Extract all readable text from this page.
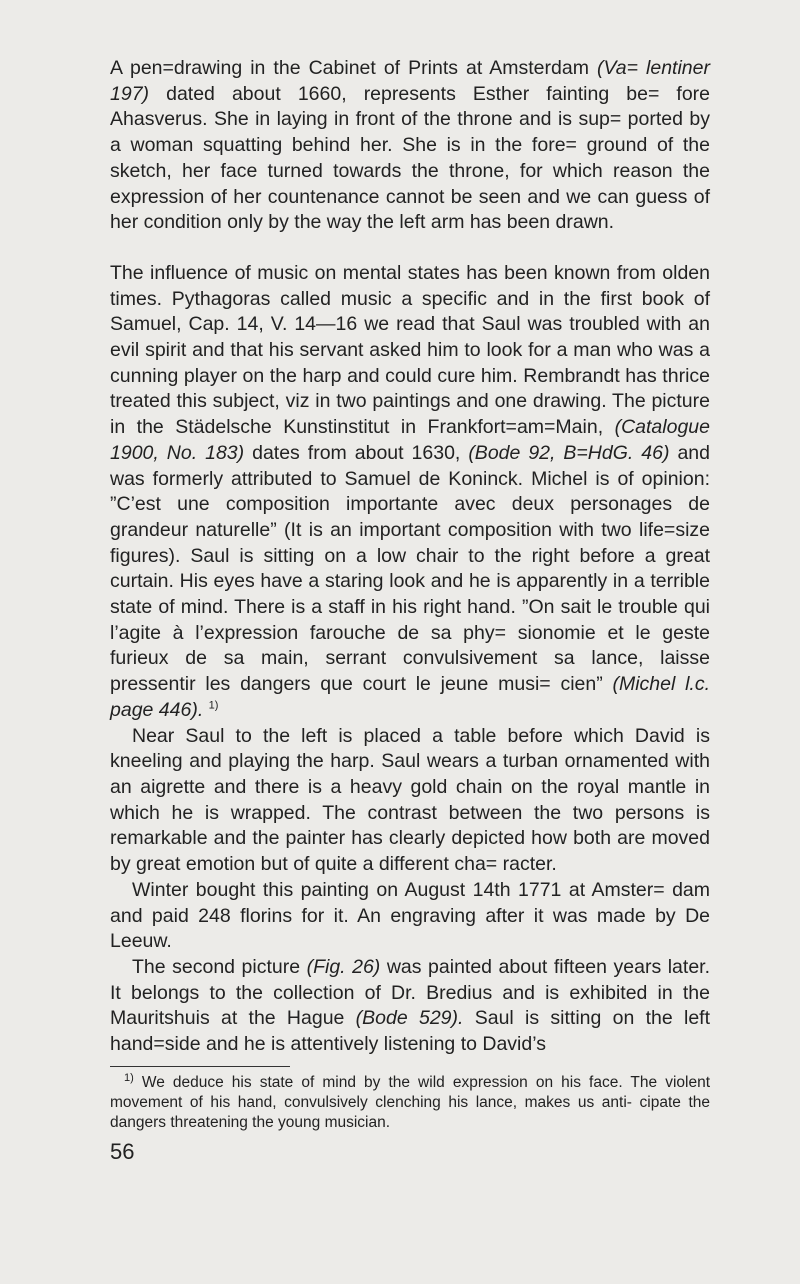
A pen=drawing in the Cabinet of Prints at Amsterdam (Va= lentiner 197) dated about 1660, represents Esther fainting be= fore Ahasverus. She in laying in front of the throne and is sup= ported by a woman squatting behind her. She is in the fore= ground of the sketch, her face turned towards the throne, for which reason the expression of her countenance cannot be seen and we can guess of her condition only by the way the left arm has been drawn.

The influence of music on mental states has been known from olden times. Pythagoras called music a specific and in the first book of Samuel, Cap. 14, V. 14—16 we read that Saul was troubled with an evil spirit and that his servant asked him to look for a man who was a cunning player on the harp and could cure him. Rembrandt has thrice treated this subject, viz in two paintings and one drawing. The picture in the Städelsche Kunstinstitut in Frankfort=am=Main, (Catalogue 1900, No. 183) dates from about 1630, (Bode 92, B=HdG. 46) and was formerly attributed to Samuel de Koninck. Michel is of opinion: ”C’est une composition importante avec deux personages de grandeur naturelle” (It is an important composition with two life=size figures). Saul is sitting on a low chair to the right before a great curtain. His eyes have a staring look and he is apparently in a terrible state of mind. There is a staff in his right hand. ”On sait le trouble qui l’agite à l’expression farouche de sa phy= sionomie et le geste furieux de sa main, serrant convulsivement sa lance, laisse pressentir les dangers que court le jeune musi= cien” (Michel l.c. page 446). $^{1)}$

Near Saul to the left is placed a table before which David is kneeling and playing the harp. Saul wears a turban ornamented with an aigrette and there is a heavy gold chain on the royal mantle in which he is wrapped. The contrast between the two persons is remarkable and the painter has clearly depicted how both are moved by great emotion but of quite a different cha= racter.

Winter bought this painting on August 14th 1771 at Amster= dam and paid 248 florins for it. An engraving after it was made by De Leeuw.

The second picture (Fig. 26) was painted about fifteen years later. It belongs to the collection of Dr. Bredius and is exhibited in the Mauritshuis at the Hague (Bode 529). Saul is sitting on the left hand=side and he is attentively listening to David’s

$^{1)}$ We deduce his state of mind by the wild expression on his face. The violent movement of his hand, convulsively clenching his lance, makes us anti- cipate the dangers threatening the young musician.

56
